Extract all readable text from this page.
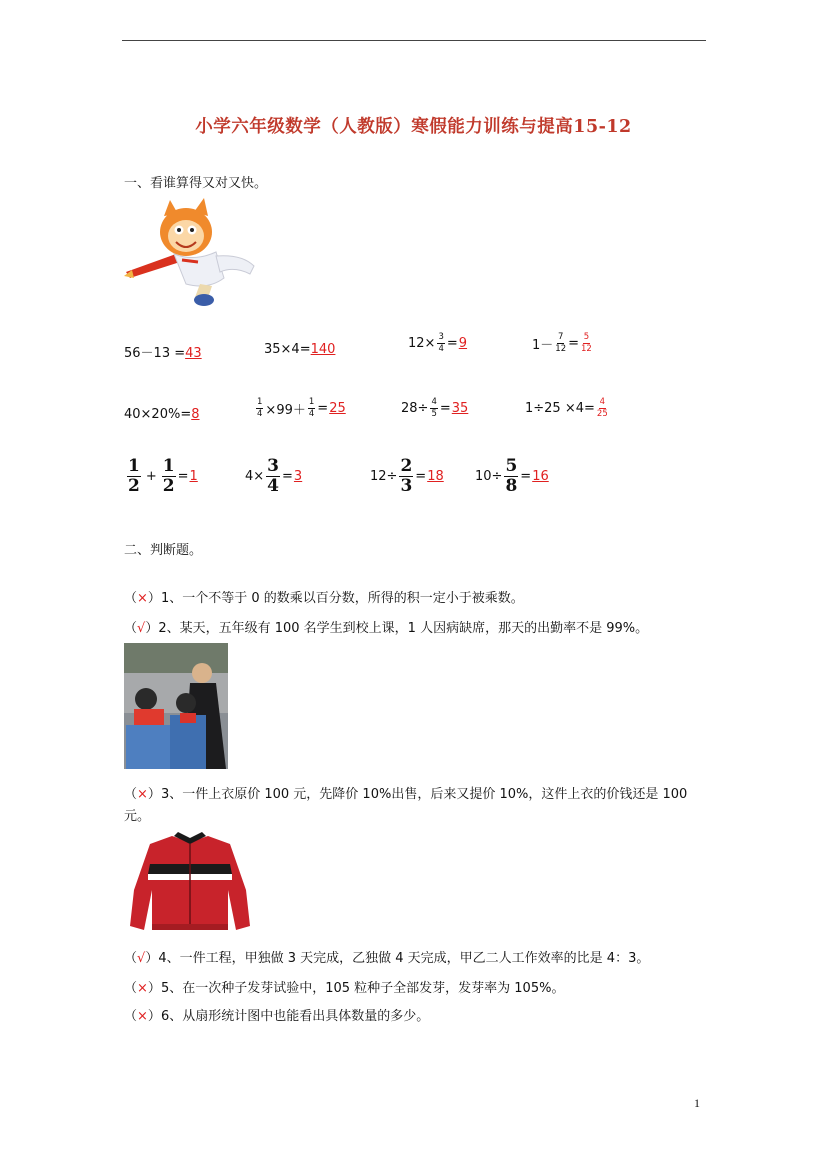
小学六年级数学（人教版）寒假能力训练与提高15-12
一、看谁算得又对又快。
56－13 =43	35×4=140	$12\times \frac{3}{4} = 9$	$1- \frac{7}{12} = \frac{5}{12}$
40×20%=8	$\frac{1}{4} \times 99+ \frac{1}{4} = 25$	$28\div \frac{4}{5} = 35$	$1\div 25 \times 4= \frac{4}{25}$
$\frac{1}{2} + \frac{1}{2} = 1$	$4\times \frac{3}{4} = 3$	$12\div \frac{2}{3} = 18$ $10\div \frac{5}{8} = 16$
二、判断题。
（×）1、一个不等于 0 的数乘以百分数，所得的积一定小于被乘数。
（√）2、某天，五年级有 100 名学生到校上课，1 人因病缺席，那天的出勤率不是 99%。
（×）3、一件上衣原价 100 元，先降价 10%出售，后来又提价 10%，这件上衣的价钱还是 100
元。
（√）4、一件工程，甲独做 3 天完成，乙独做 4 天完成，甲乙二人工作效率的比是 4：3。
（×）5、在一次种子发芽试验中，105 粒种子全部发芽，发芽率为 105%。
（×）6、从扇形统计图中也能看出具体数量的多少。
1
